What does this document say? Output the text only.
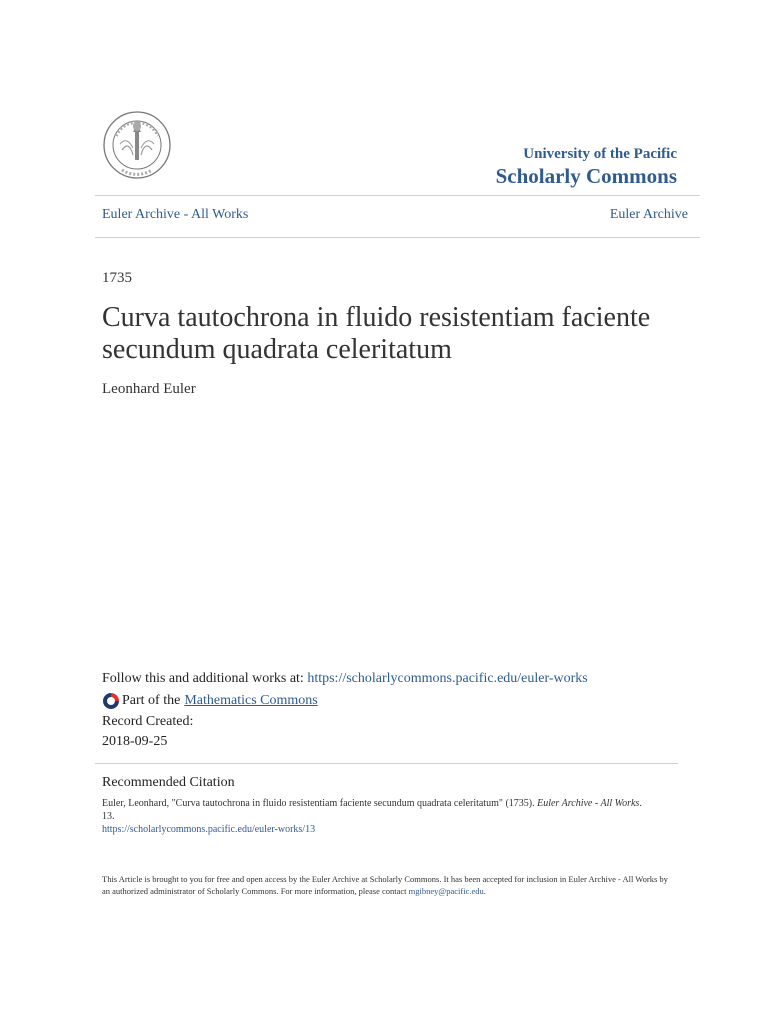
University of the Pacific
Scholarly Commons
Euler Archive - All Works	Euler Archive
1735
Curva tautochrona in fluido resistentiam faciente secundum quadrata celeritatum
Leonhard Euler
Follow this and additional works at: https://scholarlycommons.pacific.edu/euler-works
Part of the Mathematics Commons
Record Created:
2018-09-25
Recommended Citation
Euler, Leonhard, "Curva tautochrona in fluido resistentiam faciente secundum quadrata celeritatum" (1735). Euler Archive - All Works.
13.
https://scholarlycommons.pacific.edu/euler-works/13
This Article is brought to you for free and open access by the Euler Archive at Scholarly Commons. It has been accepted for inclusion in Euler Archive - All Works by an authorized administrator of Scholarly Commons. For more information, please contact mgibney@pacific.edu.
